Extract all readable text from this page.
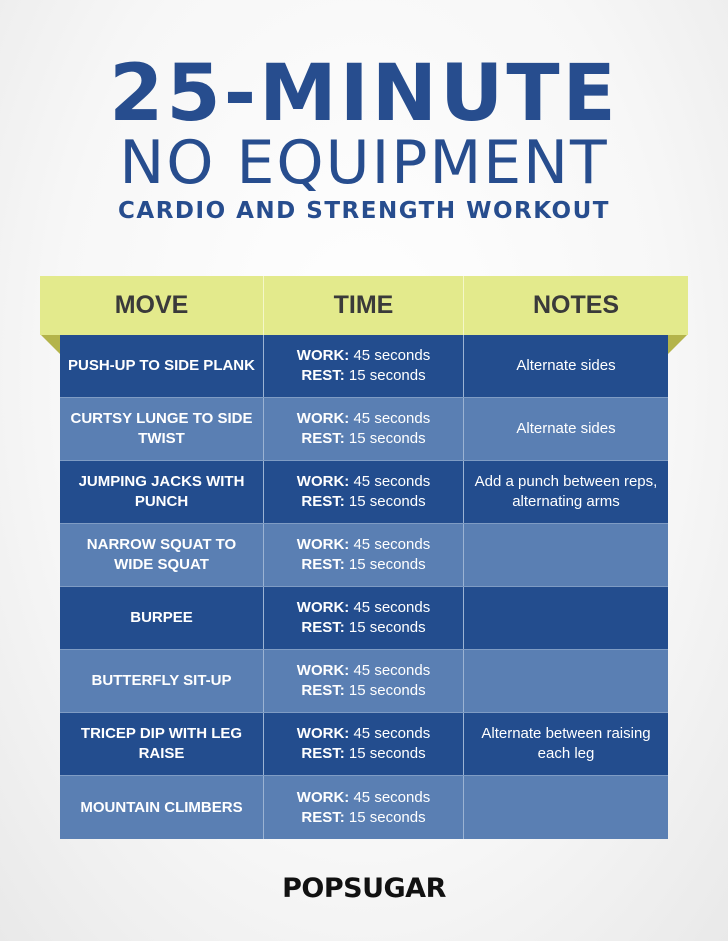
25-MINUTE
NO EQUIPMENT
CARDIO AND STRENGTH WORKOUT
MOVE	TIME	NOTES
PUSH-UP TO SIDE PLANK
WORK: 45 seconds
REST: 15 seconds
Alternate sides
CURTSY LUNGE TO SIDE TWIST
WORK: 45 seconds
REST: 15 seconds
Alternate sides
JUMPING JACKS WITH PUNCH
WORK: 45 seconds
REST: 15 seconds
Add a punch between reps, alternating arms
NARROW SQUAT TO WIDE SQUAT
WORK: 45 seconds
REST: 15 seconds
BURPEE
WORK: 45 seconds
REST: 15 seconds
BUTTERFLY SIT-UP
WORK: 45 seconds
REST: 15 seconds
TRICEP DIP WITH LEG RAISE
WORK: 45 seconds
REST: 15 seconds
Alternate between raising each leg
MOUNTAIN CLIMBERS
WORK: 45 seconds
REST: 15 seconds
POPSUGAR
